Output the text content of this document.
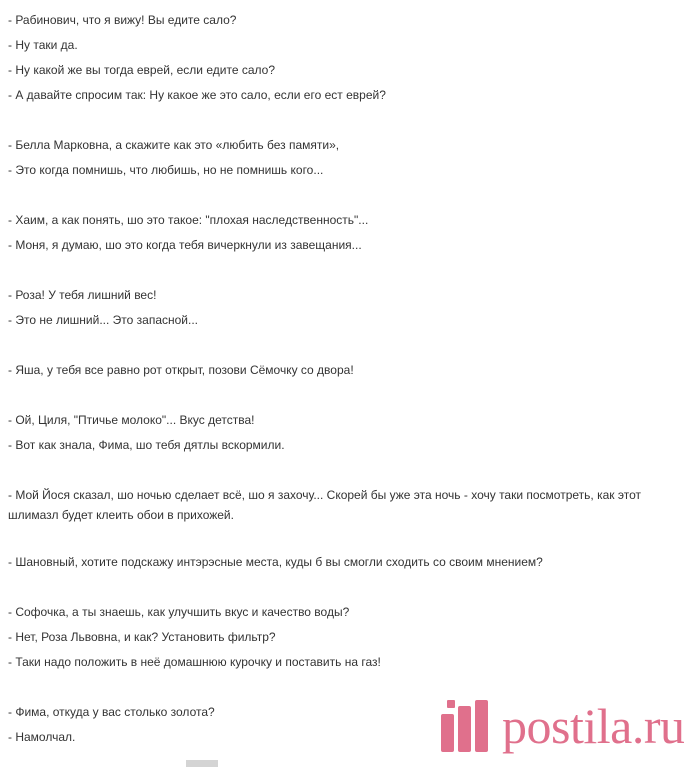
- Рабинович, что я вижу! Вы едите сало?
- Ну таки да.
- Ну какой же вы тогда еврей, если едите сало?
- А давайте спросим так: Ну какое же это сало, если его ест еврей?
- Белла Марковна, а скажите как это «любить без памяти»,
- Это когда помнишь, что любишь, но не помнишь кого...
- Хаим, а как понять, шо это такое: "плохая наследственность"...
- Моня, я думаю, шо это когда тебя вичеркнули из завещания...
- Роза! У тебя лишний вес!
- Это не лишний... Это запасной...
- Яша, у тебя все равно рот открыт, позови Сёмочку со двора!
- Ой, Циля, "Птичье молоко"... Вкус детства!
- Вот как знала, Фима, шо тебя дятлы вскормили.
- Мой Йося сказал, шо ночью сделает всё, шо я захочу... Скорей бы уже эта ночь - хочу таки посмотреть, как этот шлимазл будет клеить обои в прихожей.
- Шановный, хотите подскажу интэрэсные места, куды б вы смогли сходить со своим мнением?
- Софочка, а ты знаешь, как улучшить вкус и качество воды?
- Нет, Роза Львовна, и как? Установить фильтр?
- Таки надо положить в неё домашнюю курочку и поставить на газ!
- Фима, откуда у вас столько золота?
- Намолчал.	postila.ru
